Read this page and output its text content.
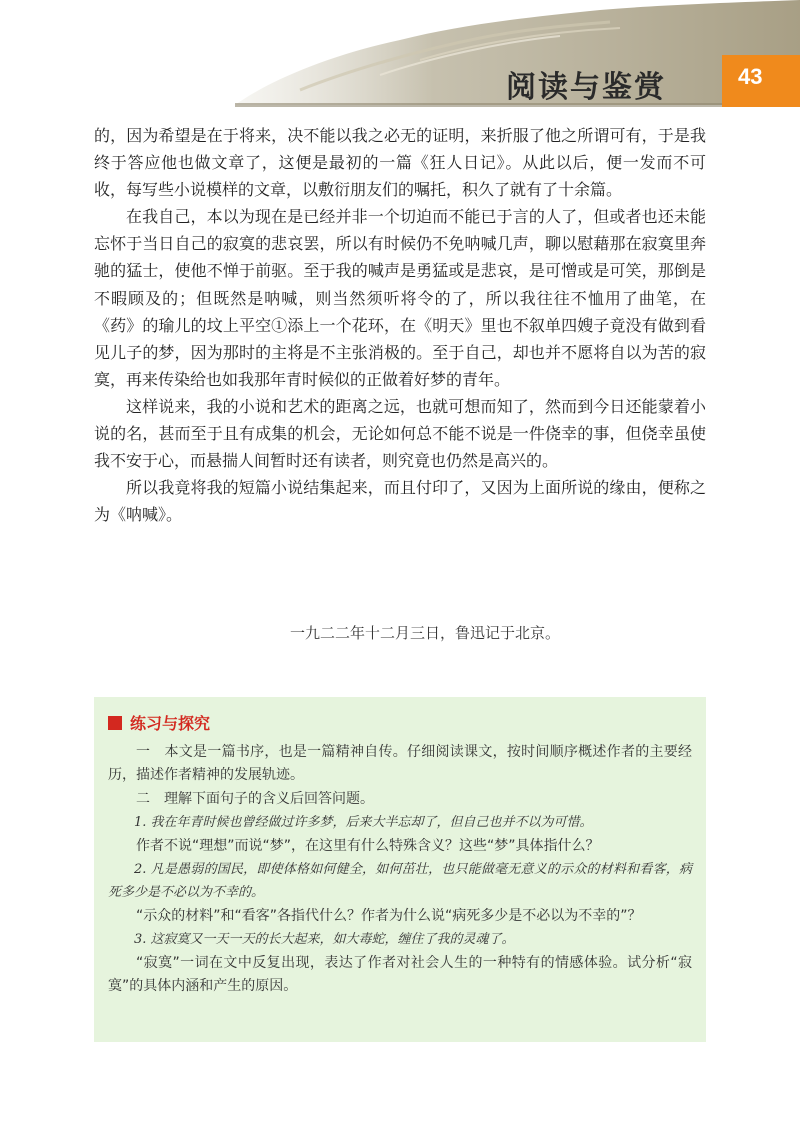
阅读与鉴赏	43

的，因为希望是在于将来，决不能以我之必无的证明，来折服了他之所谓可有，于是我终于答应他也做文章了，这便是最初的一篇《狂人日记》。从此以后，便一发而不可收，每写些小说模样的文章，以敷衍朋友们的嘱托，积久了就有了十余篇。

在我自己，本以为现在是已经并非一个切迫而不能已于言的人了，但或者也还未能忘怀于当日自己的寂寞的悲哀罢，所以有时候仍不免呐喊几声，聊以慰藉那在寂寞里奔驰的猛士，使他不惮于前驱。至于我的喊声是勇猛或是悲哀，是可憎或是可笑，那倒是不暇顾及的；但既然是呐喊，则当然须听将令的了，所以我往往不恤用了曲笔，在《药》的瑜儿的坟上平空①添上一个花环，在《明天》里也不叙单四嫂子竟没有做到看见儿子的梦，因为那时的主将是不主张消极的。至于自己，却也并不愿将自以为苦的寂寞，再来传染给也如我那年青时候似的正做着好梦的青年。

这样说来，我的小说和艺术的距离之远，也就可想而知了，然而到今日还能蒙着小说的名，甚而至于且有成集的机会，无论如何总不能不说是一件侥幸的事，但侥幸虽使我不安于心，而悬揣人间暂时还有读者，则究竟也仍然是高兴的。

所以我竟将我的短篇小说结集起来，而且付印了，又因为上面所说的缘由，便称之为《呐喊》。

一九二二年十二月三日，鲁迅记于北京。
练习与探究

一　本文是一篇书序，也是一篇精神自传。仔细阅读课文，按时间顺序概述作者的主要经历，描述作者精神的发展轨迹。

二　理解下面句子的含义后回答问题。

1. 我在年青时候也曾经做过许多梦，后来大半忘却了，但自己也并不以为可惜。

作者不说“理想”而说“梦”，在这里有什么特殊含义？这些“梦”具体指什么？

2. 凡是愚弱的国民，即使体格如何健全，如何茁壮，也只能做毫无意义的示众的材料和看客，病死多少是不必以为不幸的。

“示众的材料”和“看客”各指代什么？作者为什么说“病死多少是不必以为不幸的”？

3. 这寂寞又一天一天的长大起来，如大毒蛇，缠住了我的灵魂了。

“寂寞”一词在文中反复出现，表达了作者对社会人生的一种特有的情感体验。试分析“寂寞”的具体内涵和产生的原因。
